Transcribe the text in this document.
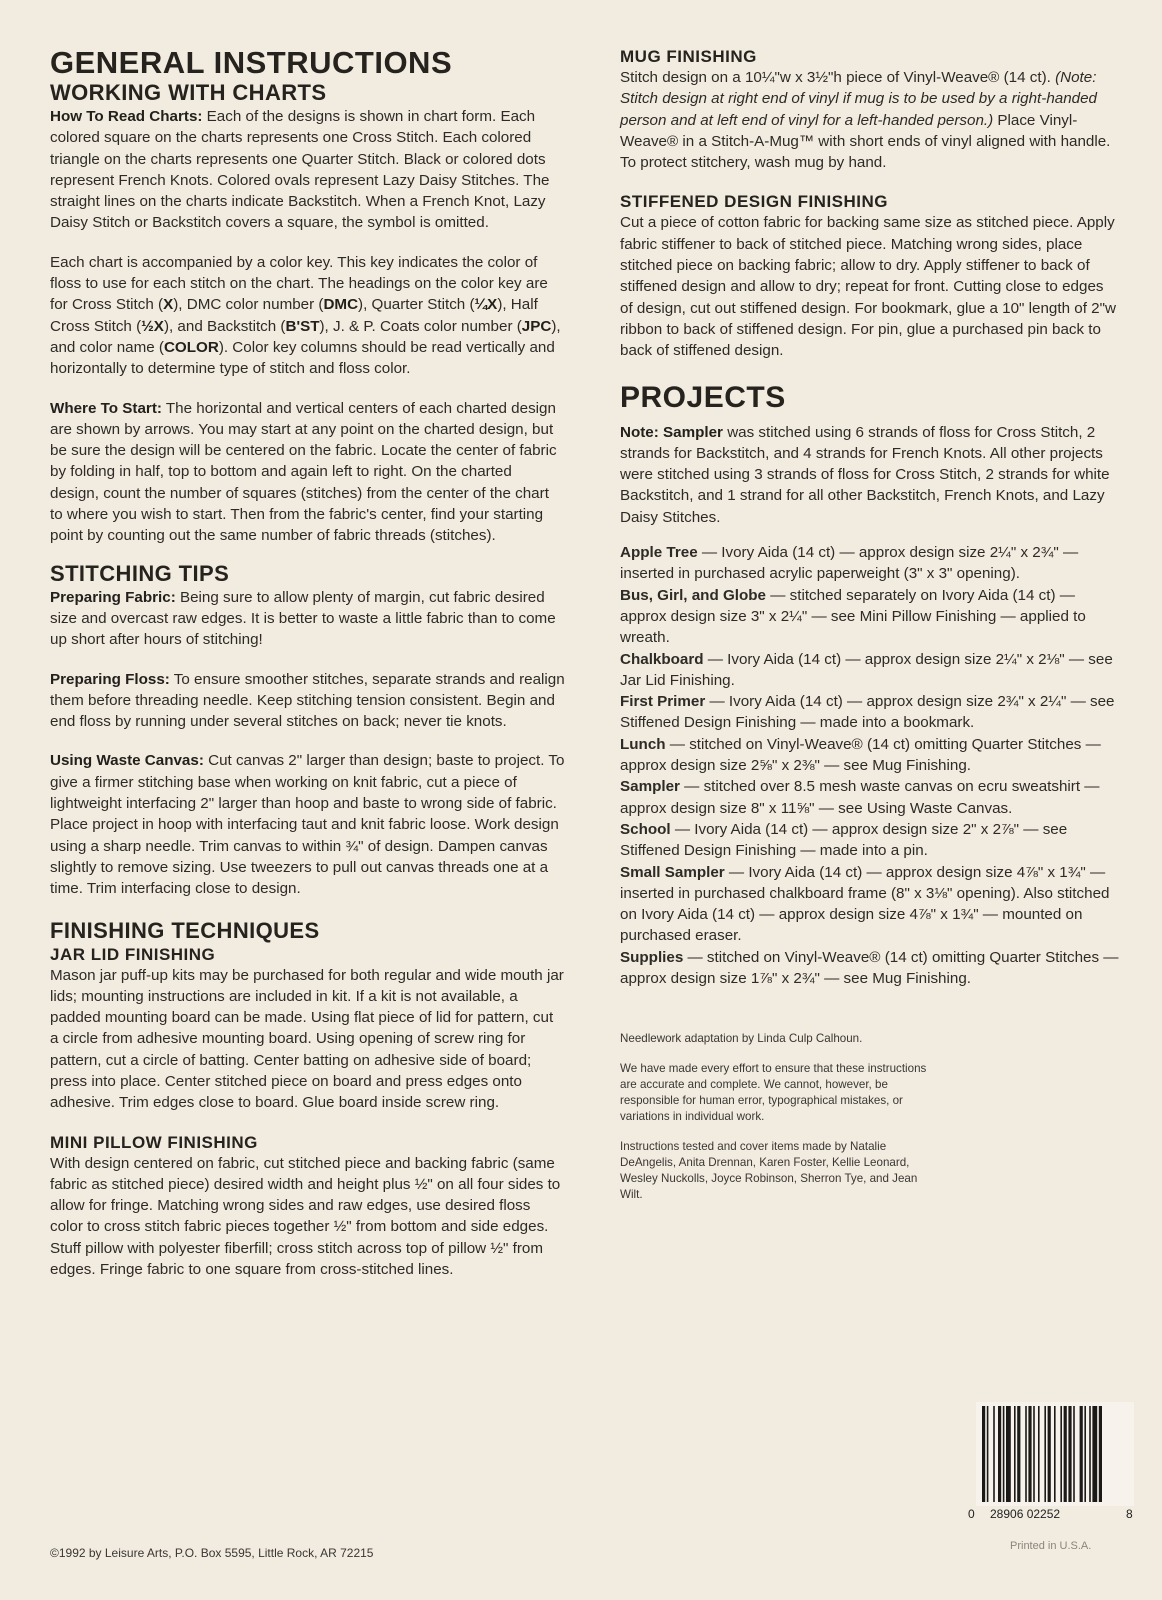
GENERAL INSTRUCTIONS
WORKING WITH CHARTS

How To Read Charts: Each of the designs is shown in chart form. Each colored square on the charts represents one Cross Stitch. Each colored triangle on the charts represents one Quarter Stitch. Black or colored dots represent French Knots. Colored ovals represent Lazy Daisy Stitches. The straight lines on the charts indicate Backstitch. When a French Knot, Lazy Daisy Stitch or Backstitch covers a square, the symbol is omitted.

Each chart is accompanied by a color key. This key indicates the color of floss to use for each stitch on the chart. The headings on the color key are for Cross Stitch (X), DMC color number (DMC), Quarter Stitch (¼X), Half Cross Stitch (½X), and Backstitch (B'ST), J. & P. Coats color number (JPC), and color name (COLOR). Color key columns should be read vertically and horizontally to determine type of stitch and floss color.

Where To Start: The horizontal and vertical centers of each charted design are shown by arrows. You may start at any point on the charted design, but be sure the design will be centered on the fabric. Locate the center of fabric by folding in half, top to bottom and again left to right. On the charted design, count the number of squares (stitches) from the center of the chart to where you wish to start. Then from the fabric's center, find your starting point by counting out the same number of fabric threads (stitches).

STITCHING TIPS

Preparing Fabric: Being sure to allow plenty of margin, cut fabric desired size and overcast raw edges. It is better to waste a little fabric than to come up short after hours of stitching!

Preparing Floss: To ensure smoother stitches, separate strands and realign them before threading needle. Keep stitching tension consistent. Begin and end floss by running under several stitches on back; never tie knots.

Using Waste Canvas: Cut canvas 2" larger than design; baste to project. To give a firmer stitching base when working on knit fabric, cut a piece of lightweight interfacing 2" larger than hoop and baste to wrong side of fabric. Place project in hoop with interfacing taut and knit fabric loose. Work design using a sharp needle. Trim canvas to within ¾" of design. Dampen canvas slightly to remove sizing. Use tweezers to pull out canvas threads one at a time. Trim interfacing close to design.

FINISHING TECHNIQUES
JAR LID FINISHING

Mason jar puff-up kits may be purchased for both regular and wide mouth jar lids; mounting instructions are included in kit. If a kit is not available, a padded mounting board can be made. Using flat piece of lid for pattern, cut a circle from adhesive mounting board. Using opening of screw ring for pattern, cut a circle of batting. Center batting on adhesive side of board; press into place. Center stitched piece on board and press edges onto adhesive. Trim edges close to board. Glue board inside screw ring.

MINI PILLOW FINISHING

With design centered on fabric, cut stitched piece and backing fabric (same fabric as stitched piece) desired width and height plus ½" on all four sides to allow for fringe. Matching wrong sides and raw edges, use desired floss color to cross stitch fabric pieces together ½" from bottom and side edges. Stuff pillow with polyester fiberfill; cross stitch across top of pillow ½" from edges. Fringe fabric to one square from cross-stitched lines.

MUG FINISHING

Stitch design on a 10¼"w x 3½"h piece of Vinyl-Weave® (14 ct). (Note: Stitch design at right end of vinyl if mug is to be used by a right-handed person and at left end of vinyl for a left-handed person.) Place Vinyl-Weave® in a Stitch-A-Mug™ with short ends of vinyl aligned with handle. To protect stitchery, wash mug by hand.

STIFFENED DESIGN FINISHING

Cut a piece of cotton fabric for backing same size as stitched piece. Apply fabric stiffener to back of stitched piece. Matching wrong sides, place stitched piece on backing fabric; allow to dry. Apply stiffener to back of stiffened design and allow to dry; repeat for front. Cutting close to edges of design, cut out stiffened design. For bookmark, glue a 10" length of 2"w ribbon to back of stiffened design. For pin, glue a purchased pin back to back of stiffened design.

PROJECTS

Note: Sampler was stitched using 6 strands of floss for Cross Stitch, 2 strands for Backstitch, and 4 strands for French Knots. All other projects were stitched using 3 strands of floss for Cross Stitch, 2 strands for white Backstitch, and 1 strand for all other Backstitch, French Knots, and Lazy Daisy Stitches.

Apple Tree — Ivory Aida (14 ct) — approx design size 2¼" x 2¾" — inserted in purchased acrylic paperweight (3" x 3" opening).

Bus, Girl, and Globe — stitched separately on Ivory Aida (14 ct) — approx design size 3" x 2¼" — see Mini Pillow Finishing — applied to wreath.

Chalkboard — Ivory Aida (14 ct) — approx design size 2¼" x 2⅛" — see Jar Lid Finishing.

First Primer — Ivory Aida (14 ct) — approx design size 2¾" x 2¼" — see Stiffened Design Finishing — made into a bookmark.

Lunch — stitched on Vinyl-Weave® (14 ct) omitting Quarter Stitches — approx design size 2⅝" x 2⅜" — see Mug Finishing.

Sampler — stitched over 8.5 mesh waste canvas on ecru sweatshirt — approx design size 8" x 11⅝" — see Using Waste Canvas.

School — Ivory Aida (14 ct) — approx design size 2" x 2⅞" — see Stiffened Design Finishing — made into a pin.

Small Sampler — Ivory Aida (14 ct) — approx design size 4⅞" x 1¾" — inserted in purchased chalkboard frame (8" x 3⅛" opening). Also stitched on Ivory Aida (14 ct) — approx design size 4⅞" x 1¾" — mounted on purchased eraser.

Supplies — stitched on Vinyl-Weave® (14 ct) omitting Quarter Stitches — approx design size 1⅞" x 2¾" — see Mug Finishing.

Needlework adaptation by Linda Culp Calhoun.

We have made every effort to ensure that these instructions are accurate and complete. We cannot, however, be responsible for human error, typographical mistakes, or variations in individual work.

Instructions tested and cover items made by Natalie DeAngelis, Anita Drennan, Karen Foster, Kellie Leonard, Wesley Nuckolls, Joyce Robinson, Sherron Tye, and Jean Wilt.

©1992 by Leisure Arts, P.O. Box 5595, Little Rock, AR 72215
0 28906 02252	8
Printed in U.S.A.
